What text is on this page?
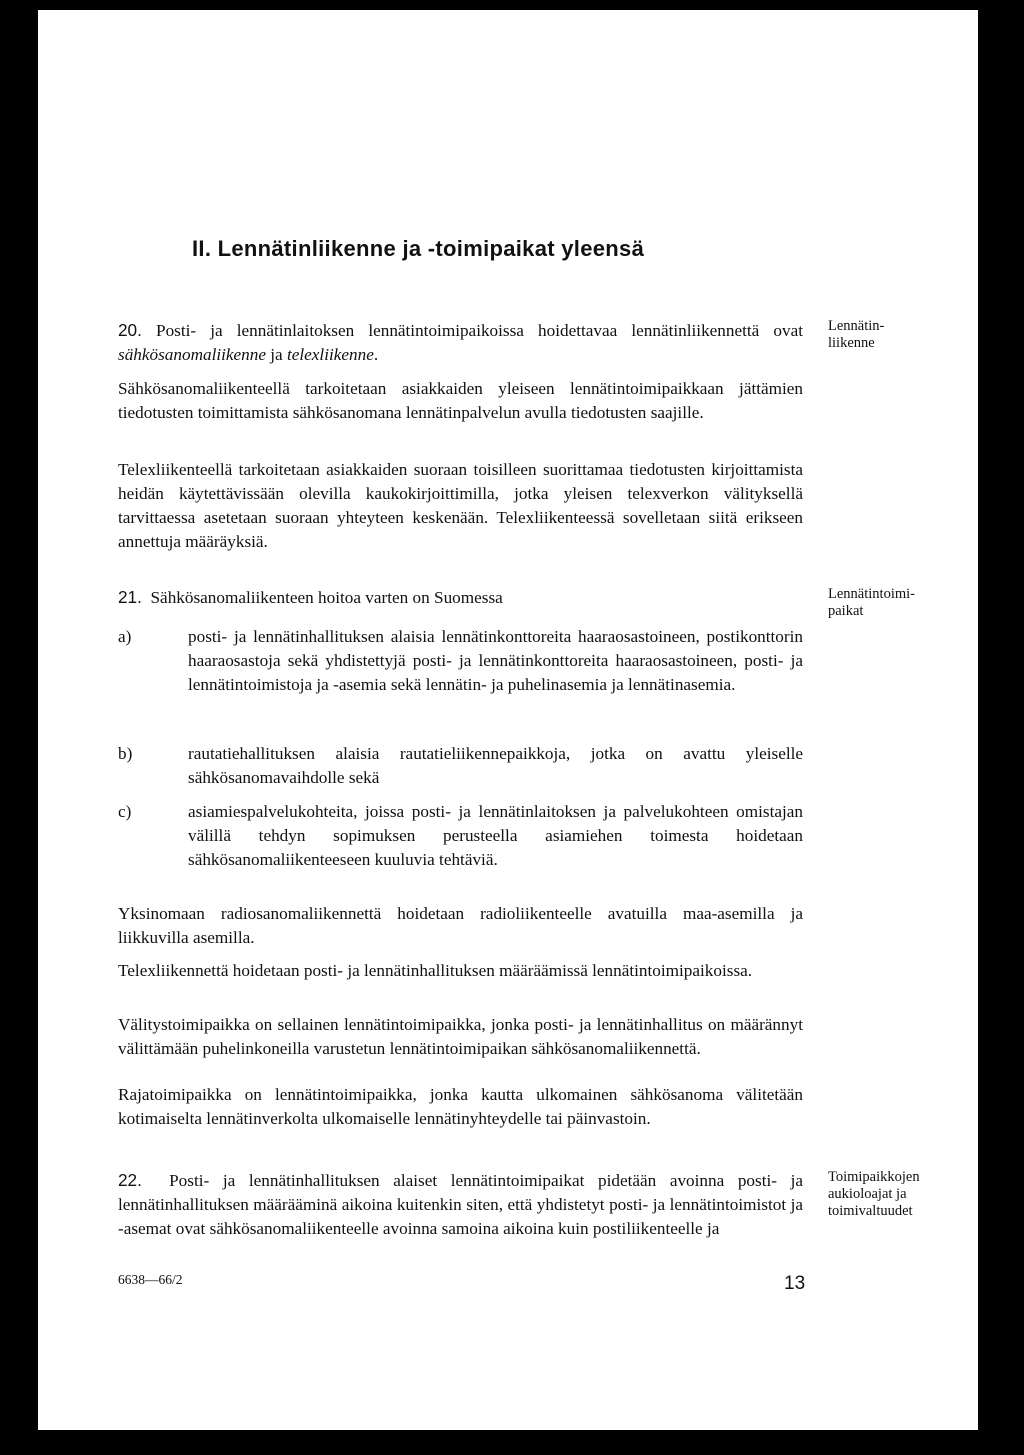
II. Lennätinliikenne ja -toimipaikat yleensä

20. Posti- ja lennätinlaitoksen lennätintoimipaikoissa hoidettavaa lennätinliikennettä ovat sähkösanomaliikenne ja telexliikenne.

Sähkösanomaliikenteellä tarkoitetaan asiakkaiden yleiseen lennätintoimipaikkaan jättämien tiedotusten toimittamista sähkösanomana lennätinpalvelun avulla tiedotusten saajille.

Telexliikenteellä tarkoitetaan asiakkaiden suoraan toisilleen suorittamaa tiedotusten kirjoittamista heidän käytettävissään olevilla kaukokirjoittimilla, jotka yleisen telexverkon välityksellä tarvittaessa asetetaan suoraan yhteyteen keskenään. Telexliikenteessä sovelletaan siitä erikseen annettuja määräyksiä.

21. Sähkösanomaliikenteen hoitoa varten on Suomessa

a)	posti- ja lennätinhallituksen alaisia lennätinkonttoreita haaraosastoineen, postikonttorin haaraosastoja sekä yhdistettyjä posti- ja lennätinkonttoreita haaraosastoineen, posti- ja lennätintoimistoja ja -asemia sekä lennätin- ja puhelinasemia ja lennätinasemia.
b)	rautatiehallituksen alaisia rautatieliikennepaikkoja, jotka on avattu yleiselle sähkösanomavaihdolle sekä
c)	asiamiespalvelukohteita, joissa posti- ja lennätinlaitoksen ja palvelukohteen omistajan välillä tehdyn sopimuksen perusteella asiamiehen toimesta hoidetaan sähkösanomaliikenteeseen kuuluvia tehtäviä.

Yksinomaan radiosanomaliikennettä hoidetaan radioliikenteelle avatuilla maa-asemilla ja liikkuvilla asemilla.

Telexliikennettä hoidetaan posti- ja lennätinhallituksen määräämissä lennätintoimipaikoissa.

Välitystoimipaikka on sellainen lennätintoimipaikka, jonka posti- ja lennätinhallitus on määrännyt välittämään puhelinkoneilla varustetun lennätintoimipaikan sähkösanomaliikennettä.

Rajatoimipaikka on lennätintoimipaikka, jonka kautta ulkomainen sähkösanoma välitetään kotimaiselta lennätinverkolta ulkomaiselle lennätinyhteydelle tai päinvastoin.

22. Posti- ja lennätinhallituksen alaiset lennätintoimipaikat pidetään avoinna posti- ja lennätinhallituksen määrääminä aikoina kuitenkin siten, että yhdistetyt posti- ja lennätintoimistot ja -asemat ovat sähkösanomaliikenteelle avoinna samoina aikoina kuin postiliikenteelle ja

Lennätin-liikenne
Lennätintoimi-paikat
Toimipaikkojen aukioloajat ja toimivaltuudet
6638—66/2	13
